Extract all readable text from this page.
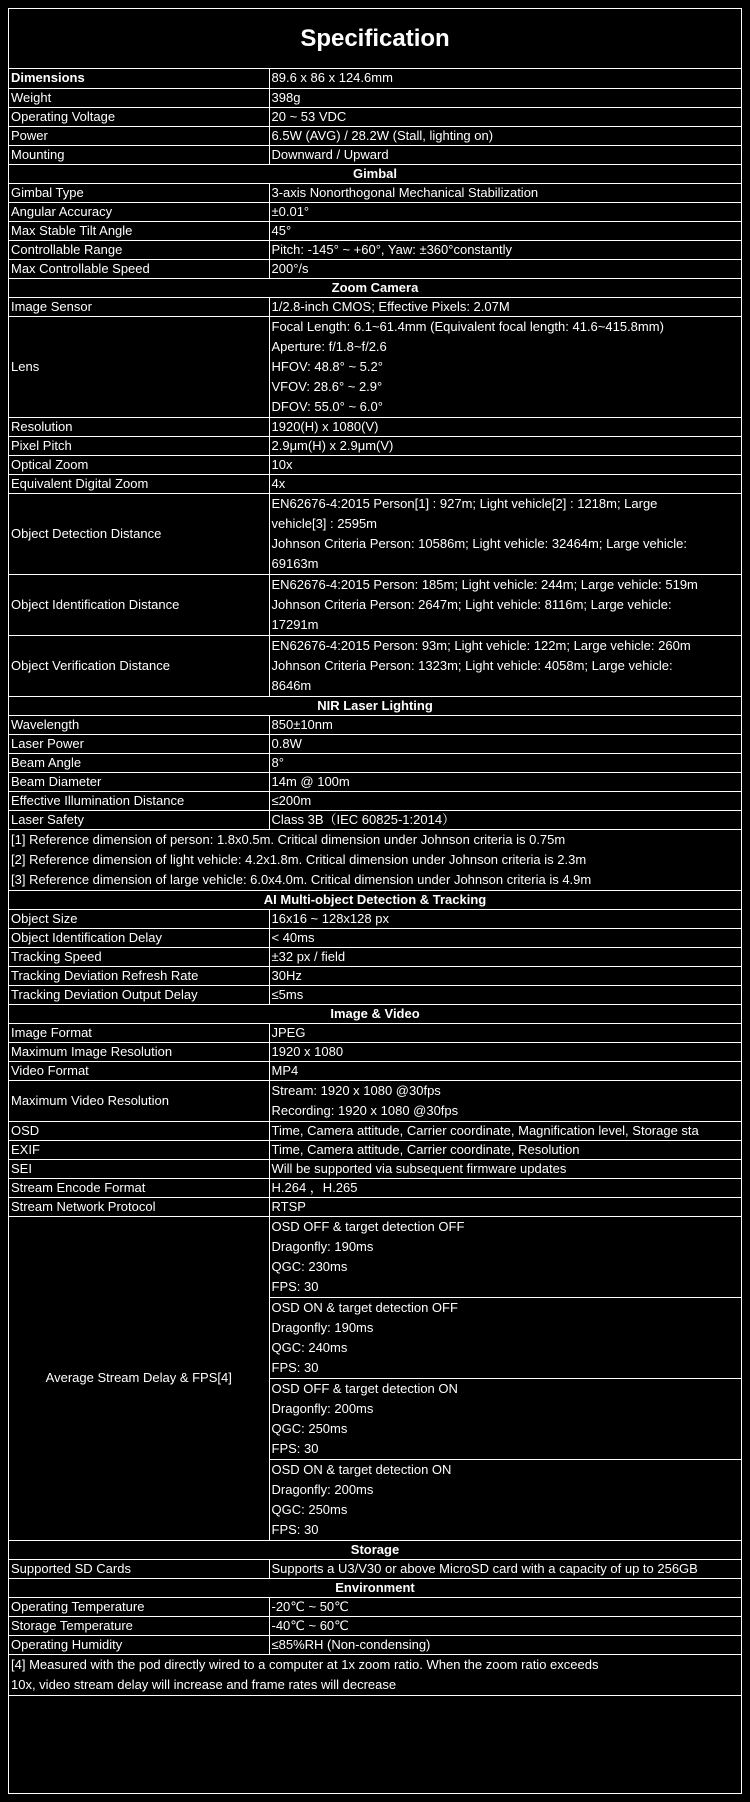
Specification
Dimensions	89.6 x 86 x 124.6mm
Weight	398g
Operating Voltage	20 ~ 53 VDC
Power	6.5W (AVG) / 28.2W (Stall, lighting on)
Mounting	Downward / Upward
Gimbal	
Gimbal Type	3-axis Nonorthogonal Mechanical Stabilization
Angular Accuracy	±0.01°
Max Stable Tilt Angle	45°
Controllable Range	Pitch: -145° ~ +60°, Yaw: ±360°constantly
Max Controllable Speed	200°/s
Zoom Camera	
Image Sensor	1/2.8-inch CMOS; Effective Pixels: 2.07M
Lens	Focal Length: 6.1~61.4mm (Equivalent focal length: 41.6~415.8mm)
Aperture: f/1.8~f/2.6
HFOV: 48.8° ~ 5.2°
VFOV: 28.6° ~ 2.9°
DFOV: 55.0° ~ 6.0°

Resolution	1920(H) x 1080(V)
Pixel Pitch	2.9μm(H) x 2.9μm(V)
Optical Zoom	10x
Equivalent Digital Zoom	4x
Object Detection Distance	EN62676-4:2015 Person[1] : 927m; Light vehicle[2] : 1218m; Large
vehicle[3] : 2595m
Johnson Criteria Person: 10586m; Light vehicle: 32464m; Large vehicle:
69163m

Object Identification Distance	EN62676-4:2015 Person: 185m; Light vehicle: 244m; Large vehicle: 519m
Johnson Criteria Person: 2647m; Light vehicle: 8116m; Large vehicle:
17291m

Object Verification Distance	EN62676-4:2015 Person: 93m; Light vehicle: 122m; Large vehicle: 260m
Johnson Criteria Person: 1323m; Light vehicle: 4058m; Large vehicle:
8646m

NIR Laser Lighting	
Wavelength	850±10nm
Laser Power	0.8W
Beam Angle	8°
Beam Diameter	14m @ 100m
Effective Illumination Distance	≤200m
Laser Safety	Class 3B（IEC 60825-1:2014）

[1] Reference dimension of person: 1.8x0.5m. Critical dimension under Johnson criteria is 0.75m
[2] Reference dimension of light vehicle: 4.2x1.8m. Critical dimension under Johnson criteria is 2.3m
[3] Reference dimension of large vehicle: 6.0x4.0m. Critical dimension under Johnson criteria is 4.9m	

AI Multi-object Detection & Tracking	
Object Size	16x16 ~ 128x128 px
Object Identification Delay	< 40ms
Tracking Speed	±32 px / field
Tracking Deviation Refresh Rate	30Hz
Tracking Deviation Output Delay	≤5ms
Image & Video	
Image Format	JPEG
Maximum Image Resolution	1920 x 1080
Video Format	MP4
Maximum Video Resolution	Stream: 1920 x 1080 @30fps
Recording: 1920 x 1080 @30fps

OSD	Time, Camera attitude, Carrier coordinate, Magnification level, Storage sta
EXIF	Time, Camera attitude, Carrier coordinate, Resolution
SEI	Will be supported via subsequent firmware updates
Stream Encode Format	H.264 ，H.265
Stream Network Protocol	RTSP
Average Stream Delay & FPS[4]	OSD OFF & target detection OFF
Dragonfly: 190ms
QGC: 230ms
FPS: 30

	OSD ON & target detection OFF
Dragonfly: 190ms
QGC: 240ms
FPS: 30

	OSD OFF & target detection ON
Dragonfly: 200ms
QGC: 250ms
FPS: 30

	OSD ON & target detection ON
Dragonfly: 200ms
QGC: 250ms
FPS: 30

Storage	
Supported SD Cards	Supports a U3/V30 or above MicroSD card with a capacity of up to 256GB
Environment	
Operating Temperature	-20℃ ~ 50℃
Storage Temperature	-40℃ ~ 60℃
Operating Humidity	≤85%RH (Non-condensing)

[4] Measured with the pod directly wired to a computer at 1x zoom ratio. When the zoom ratio exceeds
10x, video stream delay will increase and frame rates will decrease	
